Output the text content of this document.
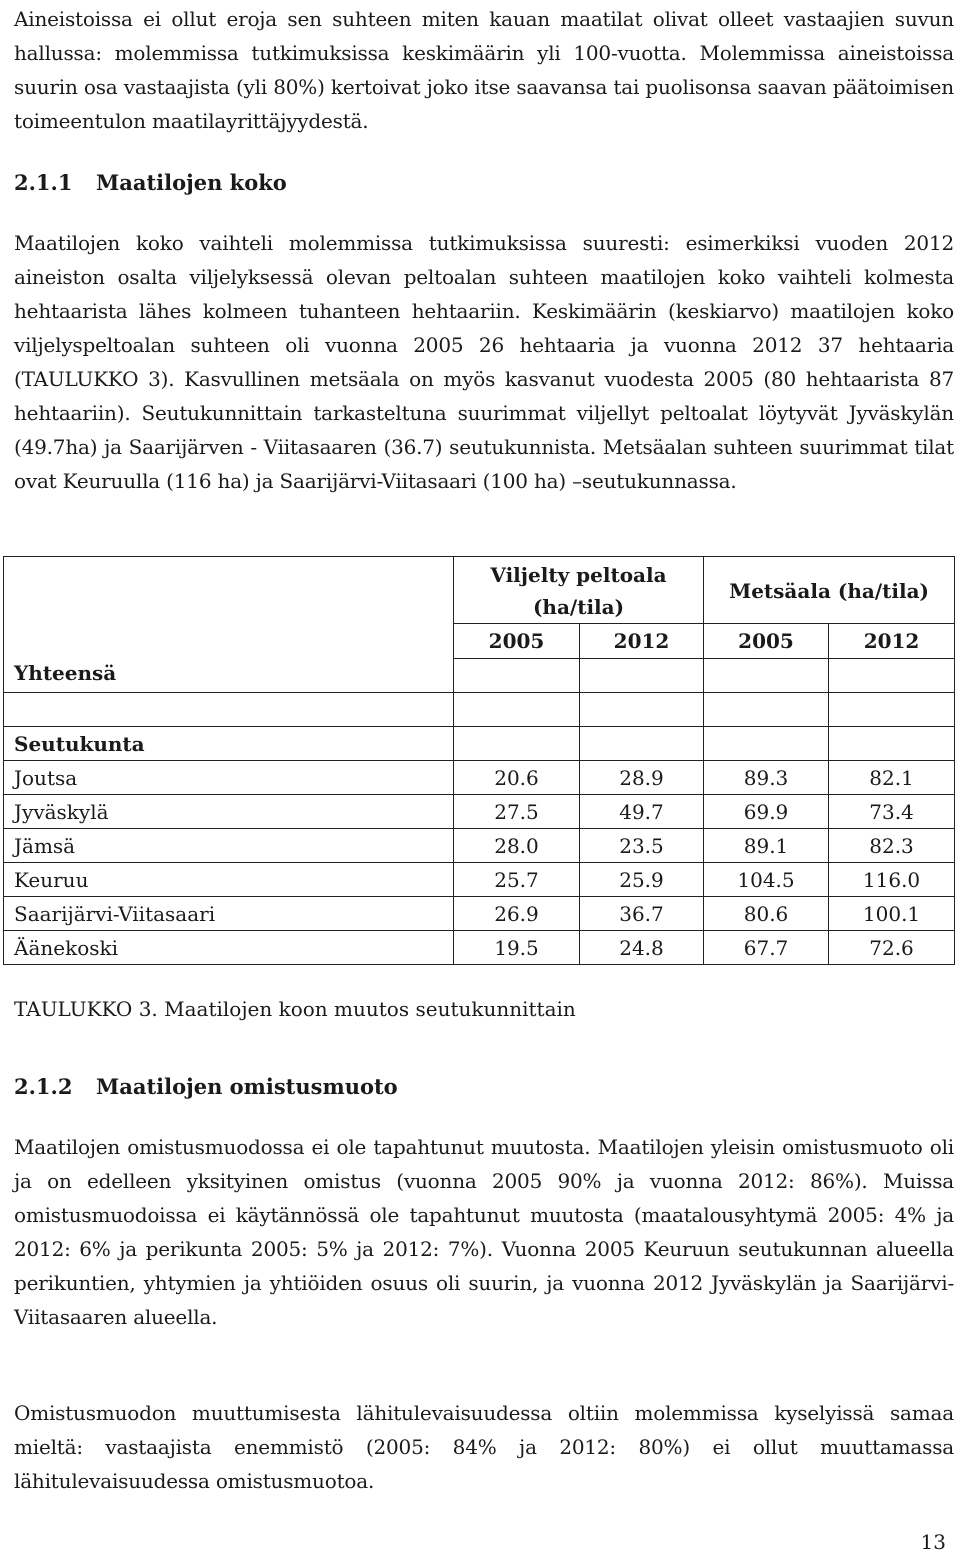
Aineistoissa ei ollut eroja sen suhteen miten kauan maatilat olivat olleet vastaajien suvun hallussa: molemmissa tutkimuksissa keskimäärin yli 100-vuotta. Molemmissa aineistoissa suurin osa vastaajista (yli 80%) kertoivat joko itse saavansa tai puolisonsa saavan päätoimisen toimeentulon maatilayrittäjyydestä.

2.1.1 Maatilojen koko

Maatilojen koko vaihteli molemmissa tutkimuksissa suuresti: esimerkiksi vuoden 2012 aineiston osalta viljelyksessä olevan peltoalan suhteen maatilojen koko vaihteli kolmesta hehtaarista lähes kolmeen tuhanteen hehtaariin. Keskimäärin (keskiarvo) maatilojen koko viljelyspeltoalan suhteen oli vuonna 2005 26 hehtaaria ja vuonna 2012 37 hehtaaria (TAULUKKO 3). Kasvullinen metsäala on myös kasvanut vuodesta 2005 (80 hehtaarista 87 hehtaariin). Seutukunnittain tarkasteltuna suurimmat viljellyt peltoalat löytyvät Jyväskylän (49.7ha) ja Saarijärven - Viitasaaren (36.7) seutukunnista. Metsäalan suhteen suurimmat tilat ovat Keuruulla (116 ha) ja Saarijärvi-Viitasaari (100 ha) –seutukunnassa.

Yhteensä	Viljelty peltoala (ha/tila)		Metsäala (ha/tila)	
	2005	2012	2005	2012

Seutukunta				
Joutsa	20.6	28.9	89.3	82.1
Jyväskylä	27.5	49.7	69.9	73.4
Jämsä	28.0	23.5	89.1	82.3
Keuruu	25.7	25.9	104.5	116.0
Saarijärvi-Viitasaari	26.9	36.7	80.6	100.1
Äänekoski	19.5	24.8	67.7	72.6

TAULUKKO 3. Maatilojen koon muutos seutukunnittain

2.1.2 Maatilojen omistusmuoto

Maatilojen omistusmuodossa ei ole tapahtunut muutosta. Maatilojen yleisin omistusmuoto oli ja on edelleen yksityinen omistus (vuonna 2005 90% ja vuonna 2012: 86%). Muissa omistusmuodoissa ei käytännössä ole tapahtunut muutosta (maatalousyhtymä 2005: 4% ja 2012: 6% ja perikunta 2005: 5% ja 2012: 7%). Vuonna 2005 Keuruun seutukunnan alueella perikuntien, yhtymien ja yhtiöiden osuus oli suurin, ja vuonna 2012 Jyväskylän ja Saarijärvi-Viitasaaren alueella.

Omistusmuodon muuttumisesta lähitulevaisuudessa oltiin molemmissa kyselyissä samaa mieltä: vastaajista enemmistö (2005: 84% ja 2012: 80%) ei ollut muuttamassa lähitulevaisuudessa omistusmuotoa.

13
